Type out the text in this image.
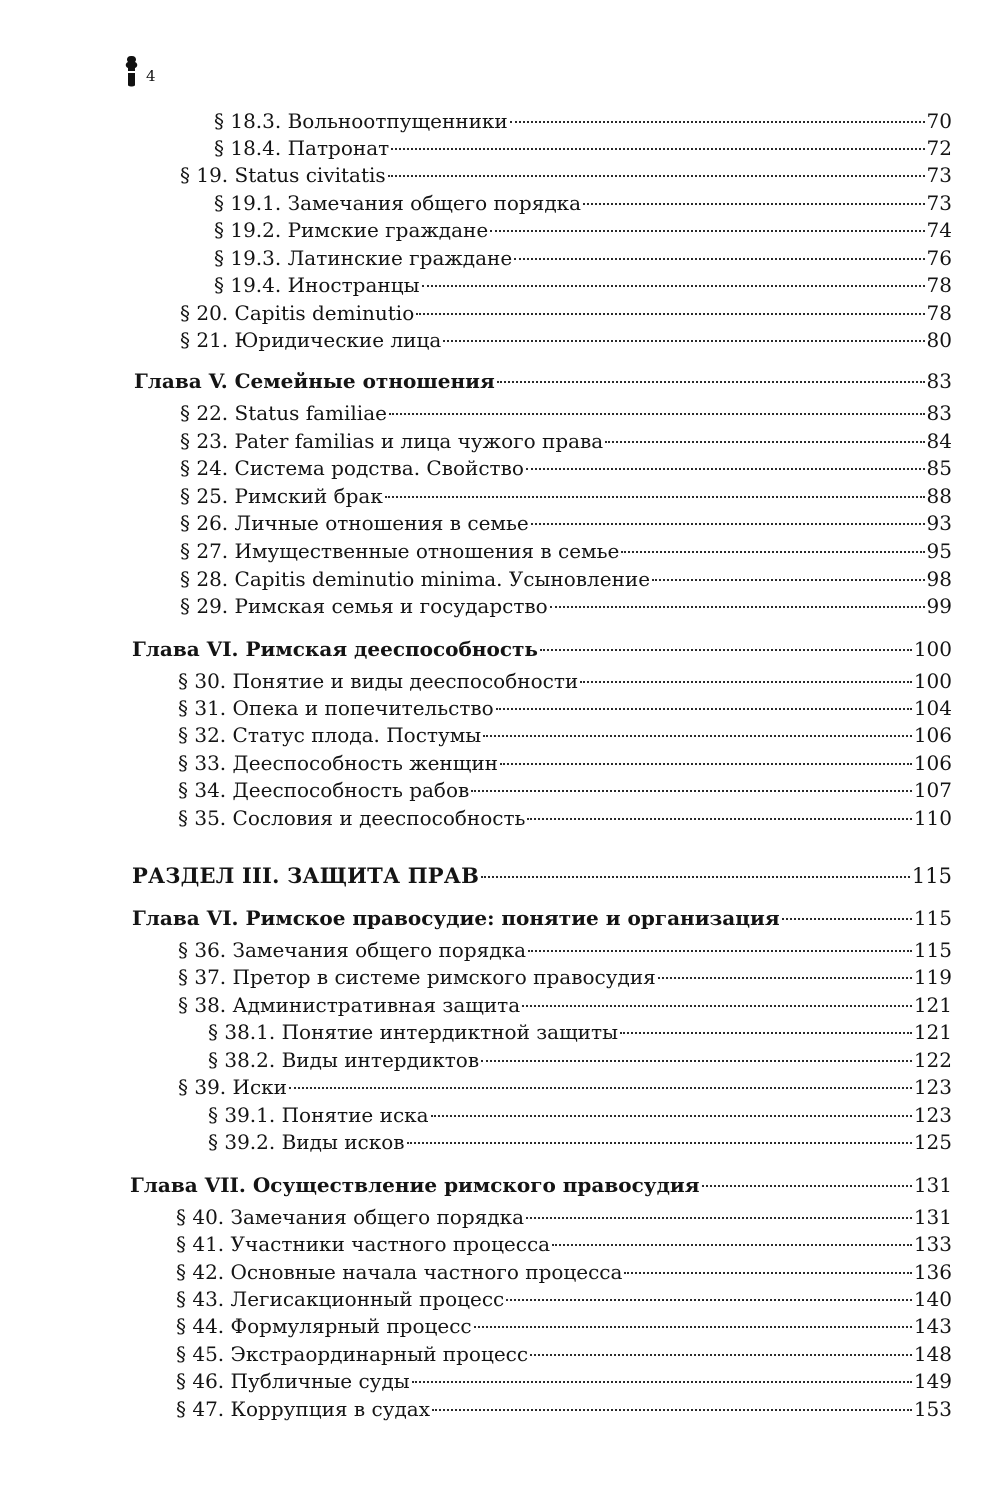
4
§ 18.3. Вольноотпущенники	70
§ 18.4. Патронат	72
§ 19. Status civitatis	73
§ 19.1. Замечания общего порядка	73
§ 19.2. Римские граждане	74
§ 19.3. Латинские граждане	76
§ 19.4. Иностранцы	78
§ 20. Capitis deminutio	78
§ 21. Юридические лица	80
Глава V. Семейные отношения	83
§ 22. Status familiae	83
§ 23. Pater familias и лица чужого права	84
§ 24. Система родства. Свойство	85
§ 25. Римский брак	88
§ 26. Личные отношения в семье	93
§ 27. Имущественные отношения в семье	95
§ 28. Capitis deminutio minima. Усыновление	98
§ 29. Римская семья и государство	99
Глава VI. Римская дееспособность	100
§ 30. Понятие и виды дееспособности	100
§ 31. Опека и попечительство	104
§ 32. Статус плода. Постумы	106
§ 33. Дееспособность женщин	106
§ 34. Дееспособность рабов	107
§ 35. Сословия и дееспособность	110
РАЗДЕЛ III. ЗАЩИТА ПРАВ	115
Глава VI. Римское правосудие: понятие и организация	115
§ 36. Замечания общего порядка	115
§ 37. Претор в системе римского правосудия	119
§ 38. Административная защита	121
§ 38.1. Понятие интердиктной защиты	121
§ 38.2. Виды интердиктов	122
§ 39. Иски	123
§ 39.1. Понятие иска	123
§ 39.2. Виды исков	125
Глава VII. Осуществление римского правосудия	131
§ 40. Замечания общего порядка	131
§ 41. Участники частного процесса	133
§ 42. Основные начала частного процесса	136
§ 43. Легисакционный процесс	140
§ 44. Формулярный процесс	143
§ 45. Экстраординарный процесс	148
§ 46. Публичные суды	149
§ 47. Коррупция в судах	153
